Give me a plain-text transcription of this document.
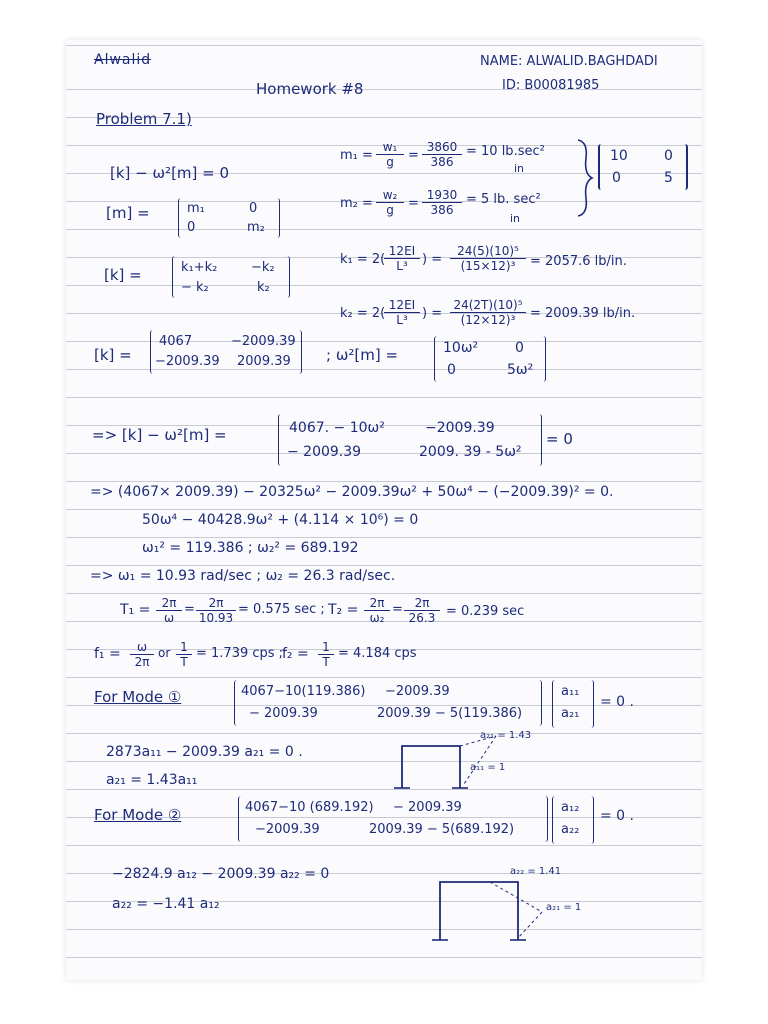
Alwalid	NAME: ALWALID.BAGHDADI
ID: B00081985
Homework #8
Problem 7.1)
[k] − ω²[m] = 0
[m] =	m₁	0
0	m₂
[k] =	k₁+k₂	−k₂
− k₂	k₂
$m_1 = \frac{\text{w₁}}{g} = \frac{3860}{386} = 10$ lb.sec²
in
$m_2 = \frac{\text{w₂}}{g} = \frac{1930}{386} = 5$ lb. sec²
in
10	0
0	5
k₁ = 2(
$\frac{12EI}{\text{L³}}$ ) = $\frac{\text{24(5)(10)⁵}}{\text{(15×12)³}} = 2057.6$ lb/in.
k₂ = 2(
$\frac{12EI}{\text{L³}}$ ) = $\frac{\text{24(2T)(10)⁵}}{\text{(12×12)³}} = 2009.39$ lb/in.
[k] =
4067	−2009.39
−2009.39 2009.39 ; ω²[m] =	10ω²	0
0	5ω²
=> [k] − ω²[m] =	4067. − 10ω²	−2009.39
− 2009.39	2009. 39 - 5ω²
= 0
=> (4067× 2009.39) − 20325ω² − 2009.39ω² + 50ω⁴ − (−2009.39)² = 0.
50ω⁴ − 40428.9ω² + (4.114 × 10⁶) = 0
ω₁² = 119.386 ; ω₂² = 689.192
=> ω₁ = 10.93 rad/sec ; ω₂ = 26.3 rad/sec.
$T_1 = \frac{2\pi}{\omega} = \frac{2\pi}{10.93} = 0.575$ sec ; $T_2 = \frac{2\pi}{\text{ω₂}} = \frac{2\pi}{26.3} = 0.239$ sec
$f_1 = \frac{\omega}{2\pi}$ or $\frac{1}{T} = 1.739$ cps ;
$f_2 = \frac{1}{T} = 4.184$ cps
For Mode ①	4067−10(119.386) −2009.39
− 2009.39	2009.39 − 5(119.386)
a₁₁
a₂₁
= 0 .
2873a₁₁ − 2009.39 a₂₁ = 0 .
a₂₁ = 1.43a₁₁
a₂₁ = 1.43
a₁₁ = 1
For Mode ②	4067−10 (689.192) − 2009.39
−2009.39	2009.39 − 5(689.192)
a₁₂
a₂₂
= 0 .
−2824.9 a₁₂ − 2009.39 a₂₂ = 0
a₂₂ = −1.41 a₁₂
a₂₂ = 1.41
a₂₁ = 1
